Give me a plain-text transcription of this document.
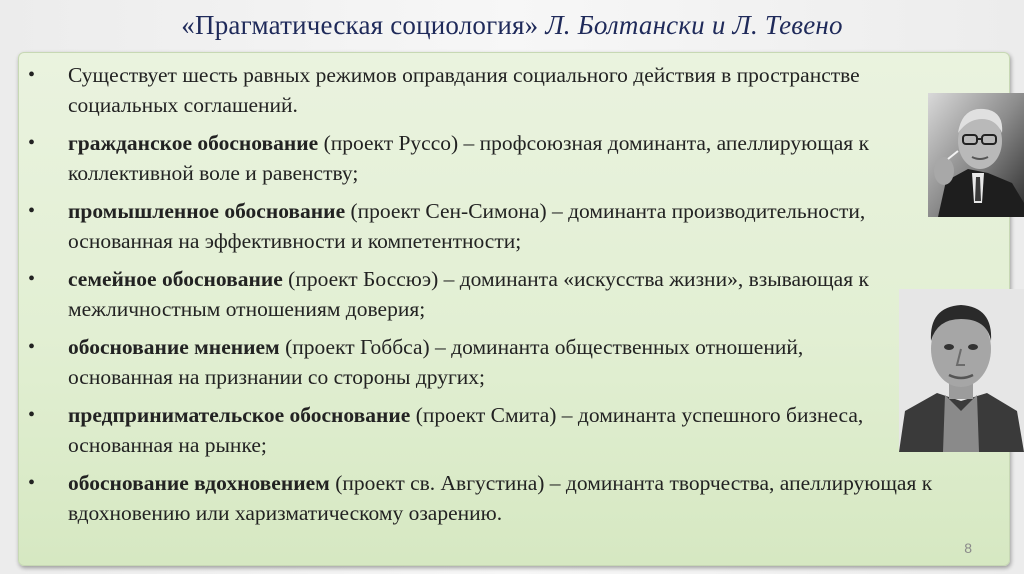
«Прагматическая социология» Л. Болтански и Л. Тевено
• Существует шесть равных режимов оправдания социального действия в пространстве социальных соглашений.
• гражданское обоснование (проект Руссо) – профсоюзная доминанта, апеллирующая к коллективной воле и равенству;
• промышленное обоснование (проект Сен-Симона) – доминанта производительности, основанная на эффективности и компетентности;
• семейное обоснование (проект Боссюэ) – доминанта «искусства жизни», взывающая к межличностным отношениям доверия;
• обоснование мнением (проект Гоббса) – доминанта общественных отношений, основанная на признании со стороны других;
• предпринимательское обоснование (проект Смита) – доминанта успешного бизнеса, основанная на рынке;
• обоснование вдохновением (проект св. Августина) – доминанта творчества, апеллирующая к вдохновению или харизматическому озарению.
8
